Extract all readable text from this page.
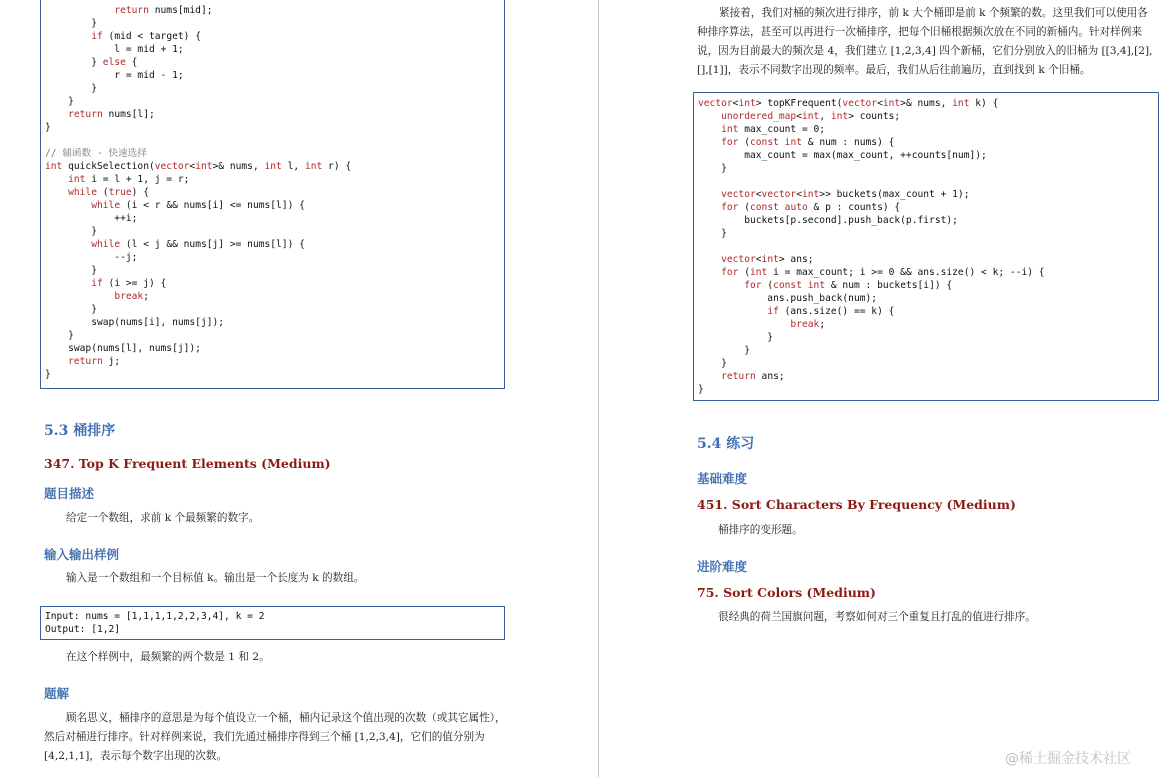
return nums[mid];
}
if (mid < target) {
l = mid + 1;
} else {
r = mid - 1;
}
}
return nums[l];
}

// 辅函数 - 快速选择
int quickSelection(vector<int>& nums, int l, int r) {
int i = l + 1, j = r;
while (true) {
while (i < r && nums[i] <= nums[l]) {
++i;
}
while (l < j && nums[j] >= nums[l]) {
--j;
}
if (i >= j) {
break;
}
swap(nums[i], nums[j]);
}
swap(nums[l], nums[j]);
return j;
}
5.3 桶排序
347. Top K Frequent Elements (Medium)
题目描述
给定一个数组，求前 k 个最频繁的数字。
输入输出样例
输入是一个数组和一个目标值 k。输出是一个长度为 k 的数组。
Input: nums = [1,1,1,1,2,2,3,4], k = 2
Output: [1,2]
在这个样例中，最频繁的两个数是 1 和 2。
题解
顾名思义，桶排序的意思是为每个值设立一个桶，桶内记录这个值出现的次数（或其它属性），然后对桶进行排序。针对样例来说，我们先通过桶排序得到三个桶 [1,2,3,4]，它们的值分别为 [4,2,1,1]，表示每个数字出现的次数。
紧接着，我们对桶的频次进行排序，前 k 大个桶即是前 k 个频繁的数。这里我们可以使用各种排序算法，甚至可以再进行一次桶排序，把每个旧桶根据频次放在不同的新桶内。针对样例来说，因为目前最大的频次是 4，我们建立 [1,2,3,4] 四个新桶，它们分别放入的旧桶为 [[3,4],[2],[],[1]]，表示不同数字出现的频率。最后，我们从后往前遍历，直到找到 k 个旧桶。
vector<int> topKFrequent(vector<int>& nums, int k) {
unordered_map<int, int> counts;
int max_count = 0;
for (const int & num : nums) {
max_count = max(max_count, ++counts[num]);
}

vector<vector<int>> buckets(max_count + 1);
for (const auto & p : counts) {
buckets[p.second].push_back(p.first);
}

vector<int> ans;
for (int i = max_count; i >= 0 && ans.size() < k; --i) {
for (const int & num : buckets[i]) {
ans.push_back(num);
if (ans.size() == k) {
break;
}
}
}
return ans;
}
5.4 练习
基础难度
451. Sort Characters By Frequency (Medium)
桶排序的变形题。
进阶难度
75. Sort Colors (Medium)
很经典的荷兰国旗问题，考察如何对三个重复且打乱的值进行排序。
@稀土掘金技术社区
